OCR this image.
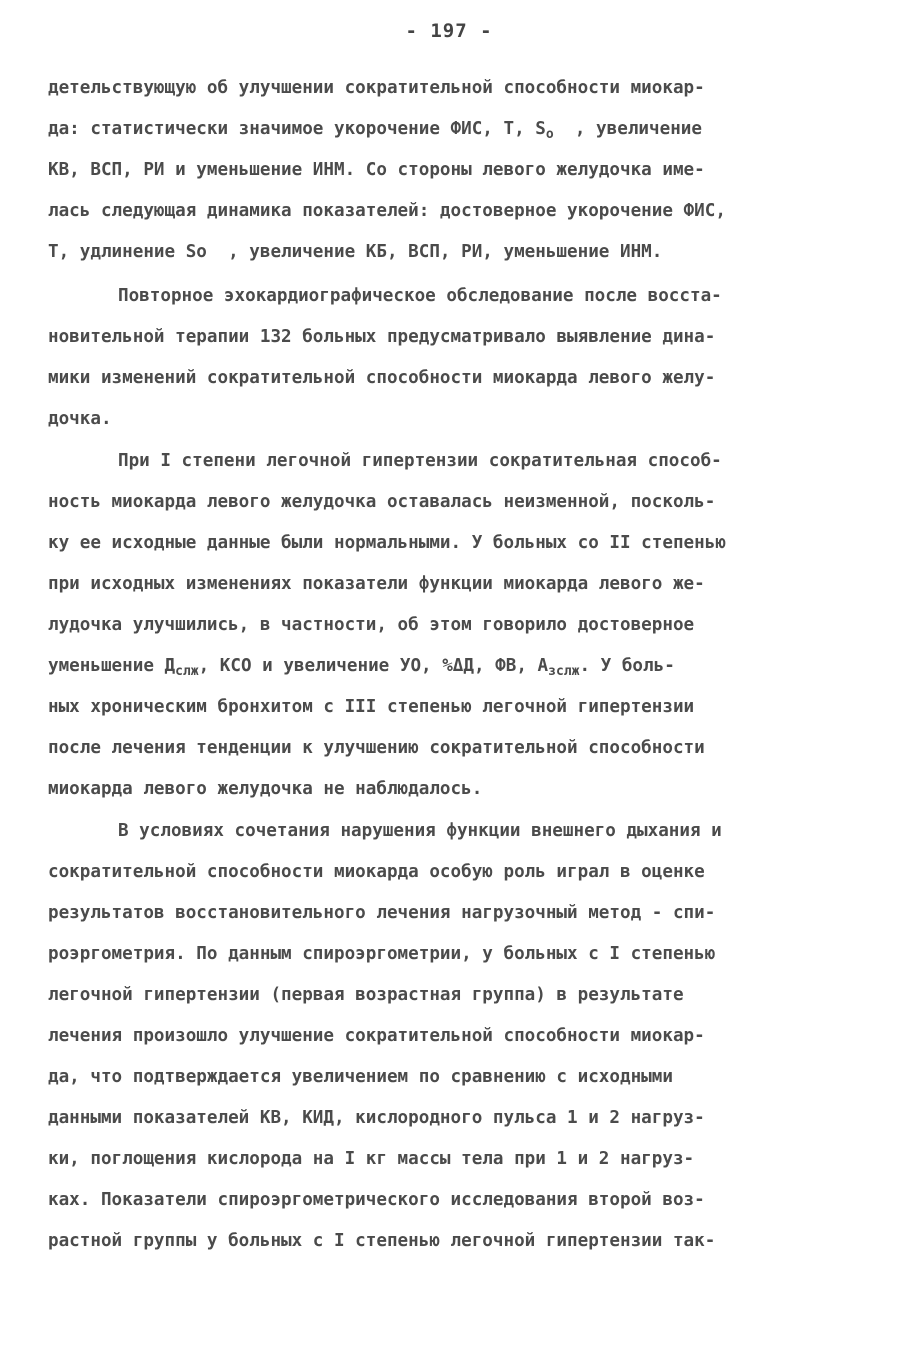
- 197 -
детельствующую об улучшении сократительной способности миокар-
да: статистически значимое укорочение ФИС, Т, $S_o$  , увеличение
КВ, ВСП, РИ и уменьшение ИНМ. Со стороны левого желудочка име-
лась следующая динамика показателей: достоверное укорочение ФИС,
Т, удлинение So  , увеличение КБ, ВСП, РИ, уменьшение ИНМ.
Повторное эхокардиографическое обследование после восста-
новительной терапии 132 больных предусматривало выявление дина-
мики изменений сократительной способности миокарда левого желу-
дочка.
При I степени легочной гипертензии сократительная способ-
ность миокарда левого желудочка оставалась неизменной, посколь-
ку ее исходные данные были нормальными. У больных со II степенью
при исходных изменениях показатели функции миокарда левого же-
лудочка улучшились, в частности, об этом говорило достоверное
уменьшение $Д_{слж}$, КСО и увеличение УО, %ΔД, ФВ, $А_{зслж}$. У боль-
ных хроническим бронхитом с III степенью легочной гипертензии
после лечения тенденции к улучшению сократительной способности
миокарда левого желудочка не наблюдалось.
В условиях сочетания нарушения функции внешнего дыхания и
сократительной способности миокарда особую роль играл в оценке
результатов восстановительного лечения нагрузочный метод - спи-
роэргометрия. По данным спироэргометрии, у больных с I степенью
легочной гипертензии (первая возрастная группа) в результате
лечения произошло улучшение сократительной способности миокар-
да, что подтверждается увеличением по сравнению с исходными
данными показателей КВ, КИД, кислородного пульса 1 и 2 нагруз-
ки, поглощения кислорода на I кг массы тела при 1 и 2 нагруз-
ках. Показатели спироэргометрического исследования второй воз-
растной группы у больных с I степенью легочной гипертензии так-
